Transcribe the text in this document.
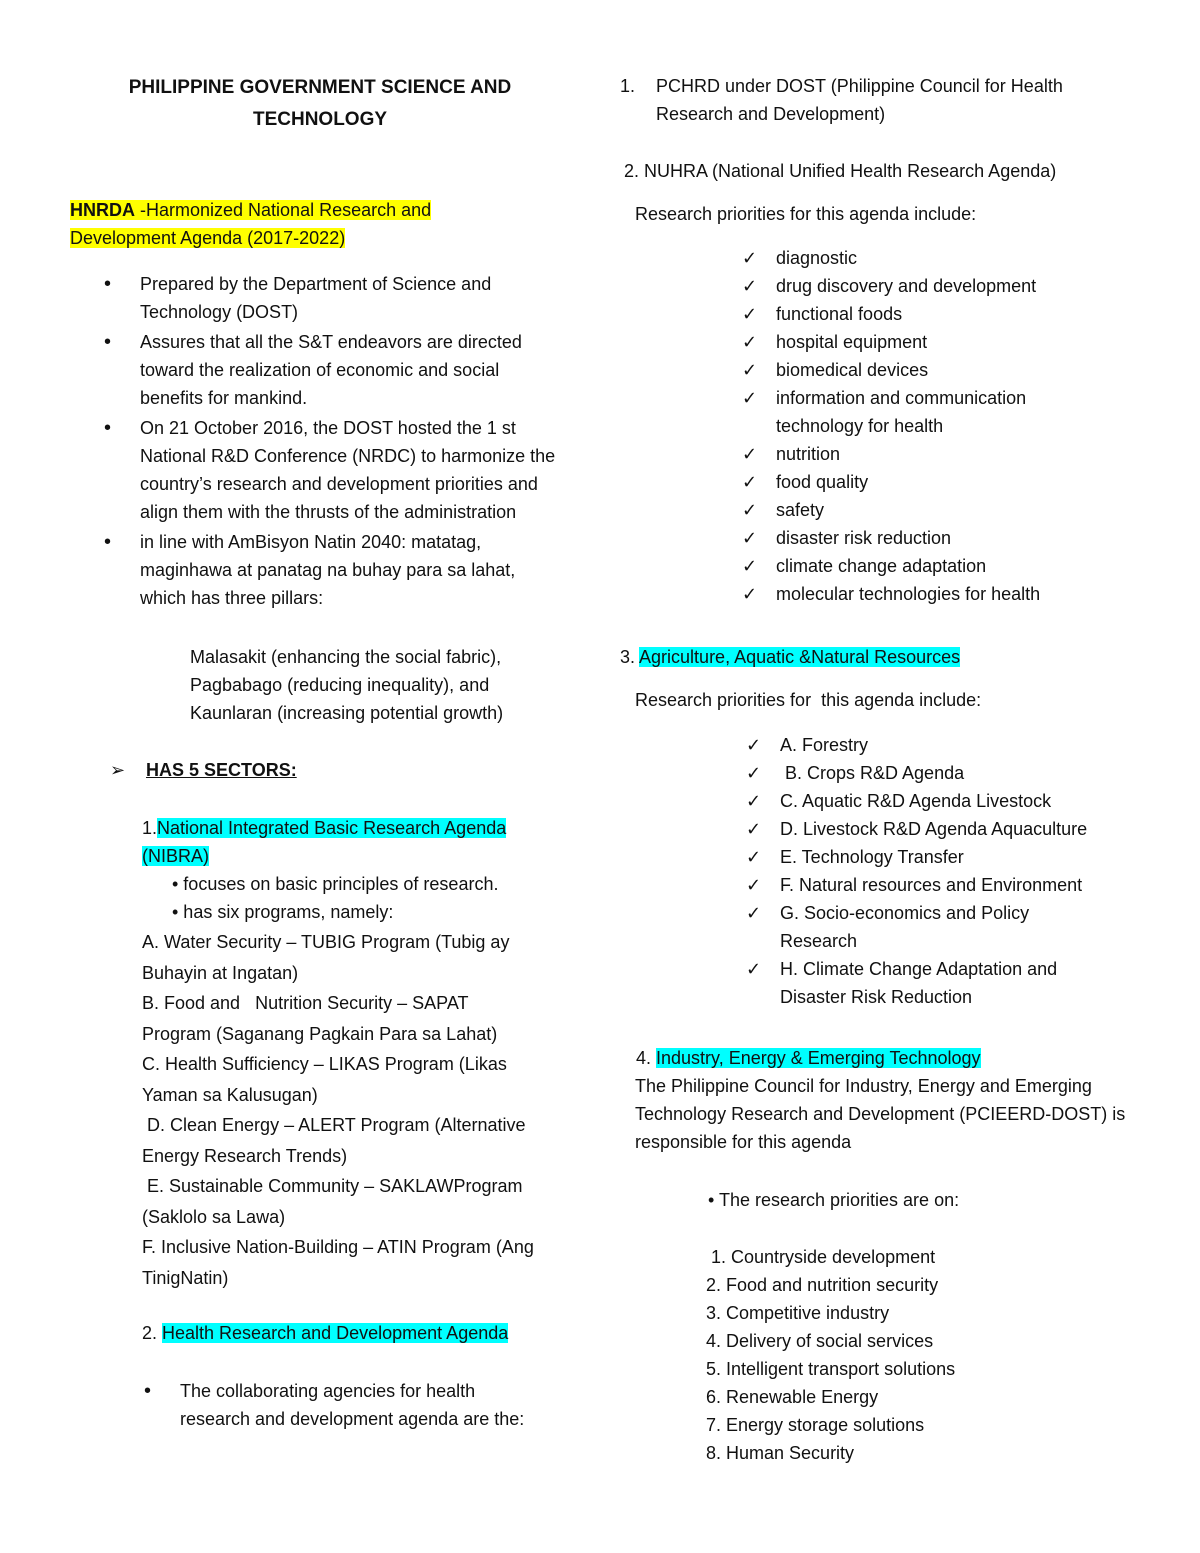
PHILIPPINE GOVERNMENT SCIENCE AND
TECHNOLOGY
HNRDA -Harmonized National Research and
Development Agenda (2017-2022)
• Prepared by the Department of Science and Technology (DOST)
• Assures that all the S&T endeavors are directed toward the realization of economic and social benefits for mankind.
• On 21 October 2016, the DOST hosted the 1 st National R&D Conference (NRDC) to harmonize the country’s research and development priorities and align them with the thrusts of the administration
• in line with AmBisyon Natin 2040: matatag, maginhawa at panatag na buhay para sa lahat, which has three pillars:
Malasakit (enhancing the social fabric),
Pagbabago (reducing inequality), and
Kaunlaran (increasing potential growth)
➢ HAS 5 SECTORS:
1.National Integrated Basic Research Agenda
(NIBRA)
• focuses on basic principles of research.
• has six programs, namely:
A. Water Security – TUBIG Program (Tubig ay
Buhayin at Ingatan)
B. Food and   Nutrition Security – SAPAT
Program (Saganang Pagkain Para sa Lahat)
C. Health Sufficiency – LIKAS Program (Likas
Yaman sa Kalusugan)
D. Clean Energy – ALERT Program (Alternative
Energy Research Trends)
E. Sustainable Community – SAKLAWProgram
(Saklolo sa Lawa)
F. Inclusive Nation-Building – ATIN Program (Ang
TinigNatin)
2. Health Research and Development Agenda
• The collaborating agencies for health research and development agenda are the:
1. PCHRD under DOST (Philippine Council for Health Research and Development)
2. NUHRA (National Unified Health Research Agenda)
Research priorities for this agenda include:
✓ diagnostic
✓ drug discovery and development
✓ functional foods
✓ hospital equipment
✓ biomedical devices
✓ information and communication technology for health
✓ nutrition
✓ food quality
✓ safety
✓ disaster risk reduction
✓ climate change adaptation
✓ molecular technologies for health
3. Agriculture, Aquatic &Natural Resources
Research priorities for  this agenda include:
✓ A. Forestry
✓ B. Crops R&D Agenda
✓ C. Aquatic R&D Agenda Livestock
✓ D. Livestock R&D Agenda Aquaculture
✓ E. Technology Transfer
✓ F. Natural resources and Environment
✓ G. Socio-economics and Policy Research
✓ H. Climate Change Adaptation and Disaster Risk Reduction
4. Industry, Energy & Emerging Technology
The Philippine Council for Industry, Energy and Emerging Technology Research and Development (PCIEERD-DOST) is responsible for this agenda
• The research priorities are on:
1. Countryside development
2. Food and nutrition security
3. Competitive industry
4. Delivery of social services
5. Intelligent transport solutions
6. Renewable Energy
7. Energy storage solutions
8. Human Security
